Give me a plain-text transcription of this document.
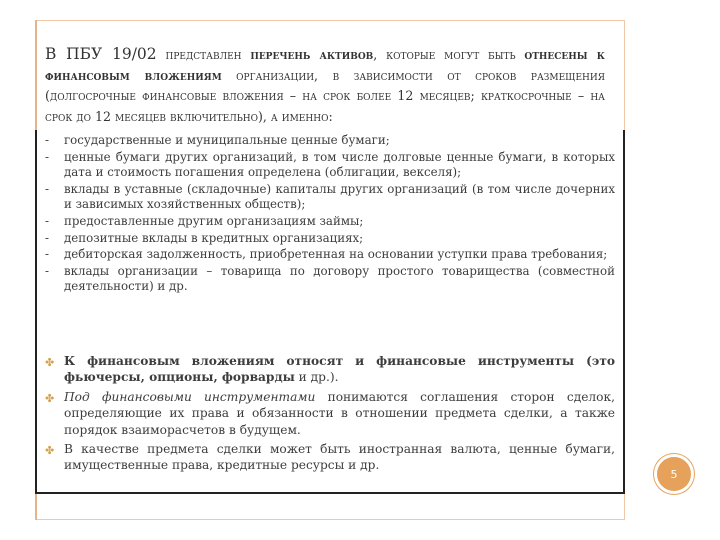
В ПБУ 19/02 представлен перечень активов, которые могут быть отнесены к финансовым вложениям организации, в зависимости от сроков размещения (долгосрочные финансовые вложения – на срок более 12 месяцев; краткосрочные – на срок до 12 месяцев включительно), а именно:
- государственные и муниципальные ценные бумаги;
- ценные бумаги других организаций, в том числе долговые ценные бумаги, в которых дата и стоимость погашения определена (облигации, векселя);
- вклады в уставные (складочные) капиталы других организаций (в том числе дочерних и зависимых хозяйственных обществ);
- предоставленные другим организациям займы;
- депозитные вклады в кредитных организациях;
- дебиторская задолженность, приобретенная на основании уступки права требования;
- вклады организации – товарища по договору простого товарищества (совместной деятельности) и др.
✤ К финансовым вложениям относят и финансовые инструменты (это фьючерсы, опционы, форварды и др.).
✤ Под финансовыми инструментами понимаются соглашения сторон сделок, определяющие их права и обязанности в отношении предмета сделки, а также порядок взаиморасчетов в будущем.
✤ В качестве предмета сделки может быть иностранная валюта, ценные бумаги, имущественные права, кредитные ресурсы и др.
5
